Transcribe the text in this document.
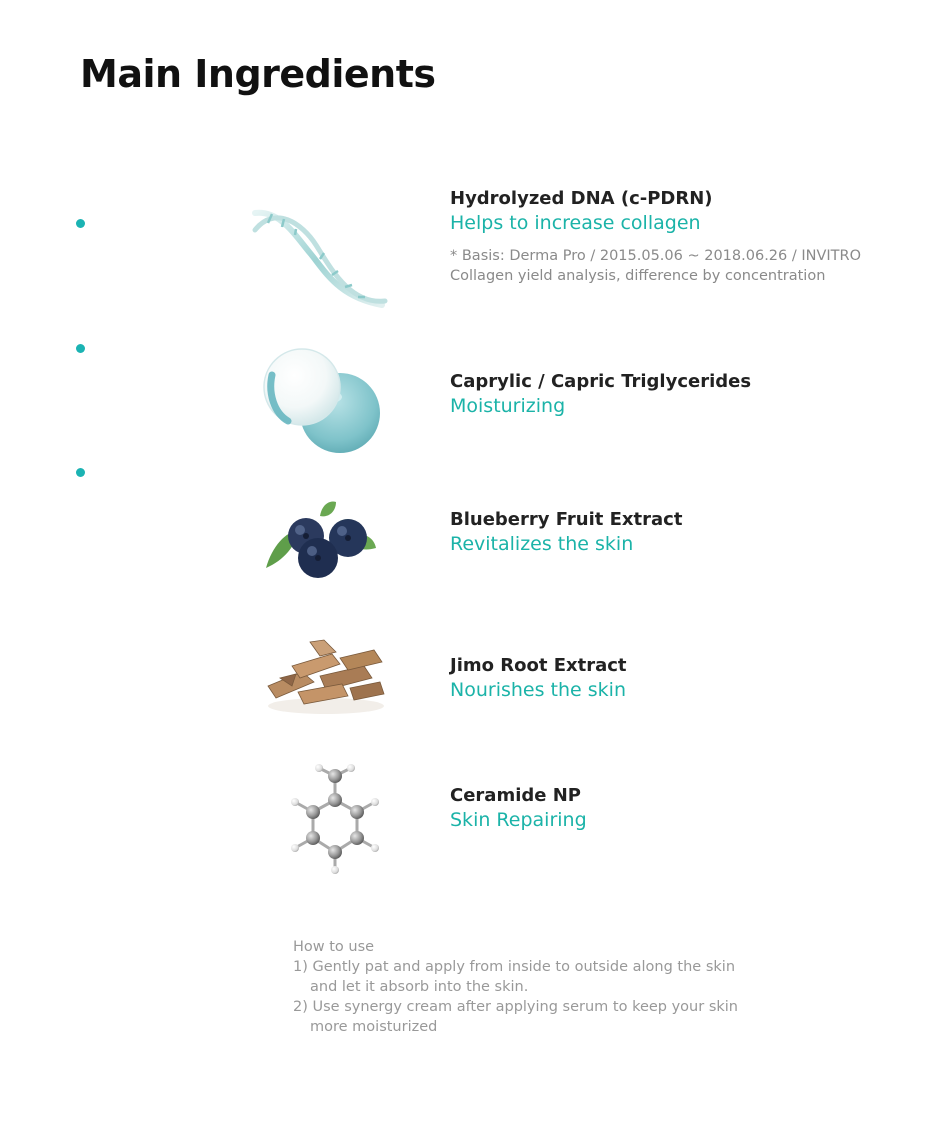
Main Ingredients
Hydrolyzed DNA (c-PDRN)
Helps to increase collagen
* Basis: Derma Pro / 2015.05.06 ~ 2018.06.26 / INVITRO
Collagen yield analysis, difference by concentration
Caprylic / Capric Triglycerides
Moisturizing
Blueberry Fruit Extract
Revitalizes the skin
Jimo Root Extract
Nourishes the skin
Ceramide NP
Skin Repairing
How to use
1) Gently pat and apply from inside to outside along the skin
and let it absorb into the skin.
2) Use synergy cream after applying serum to keep your skin
more moisturized
